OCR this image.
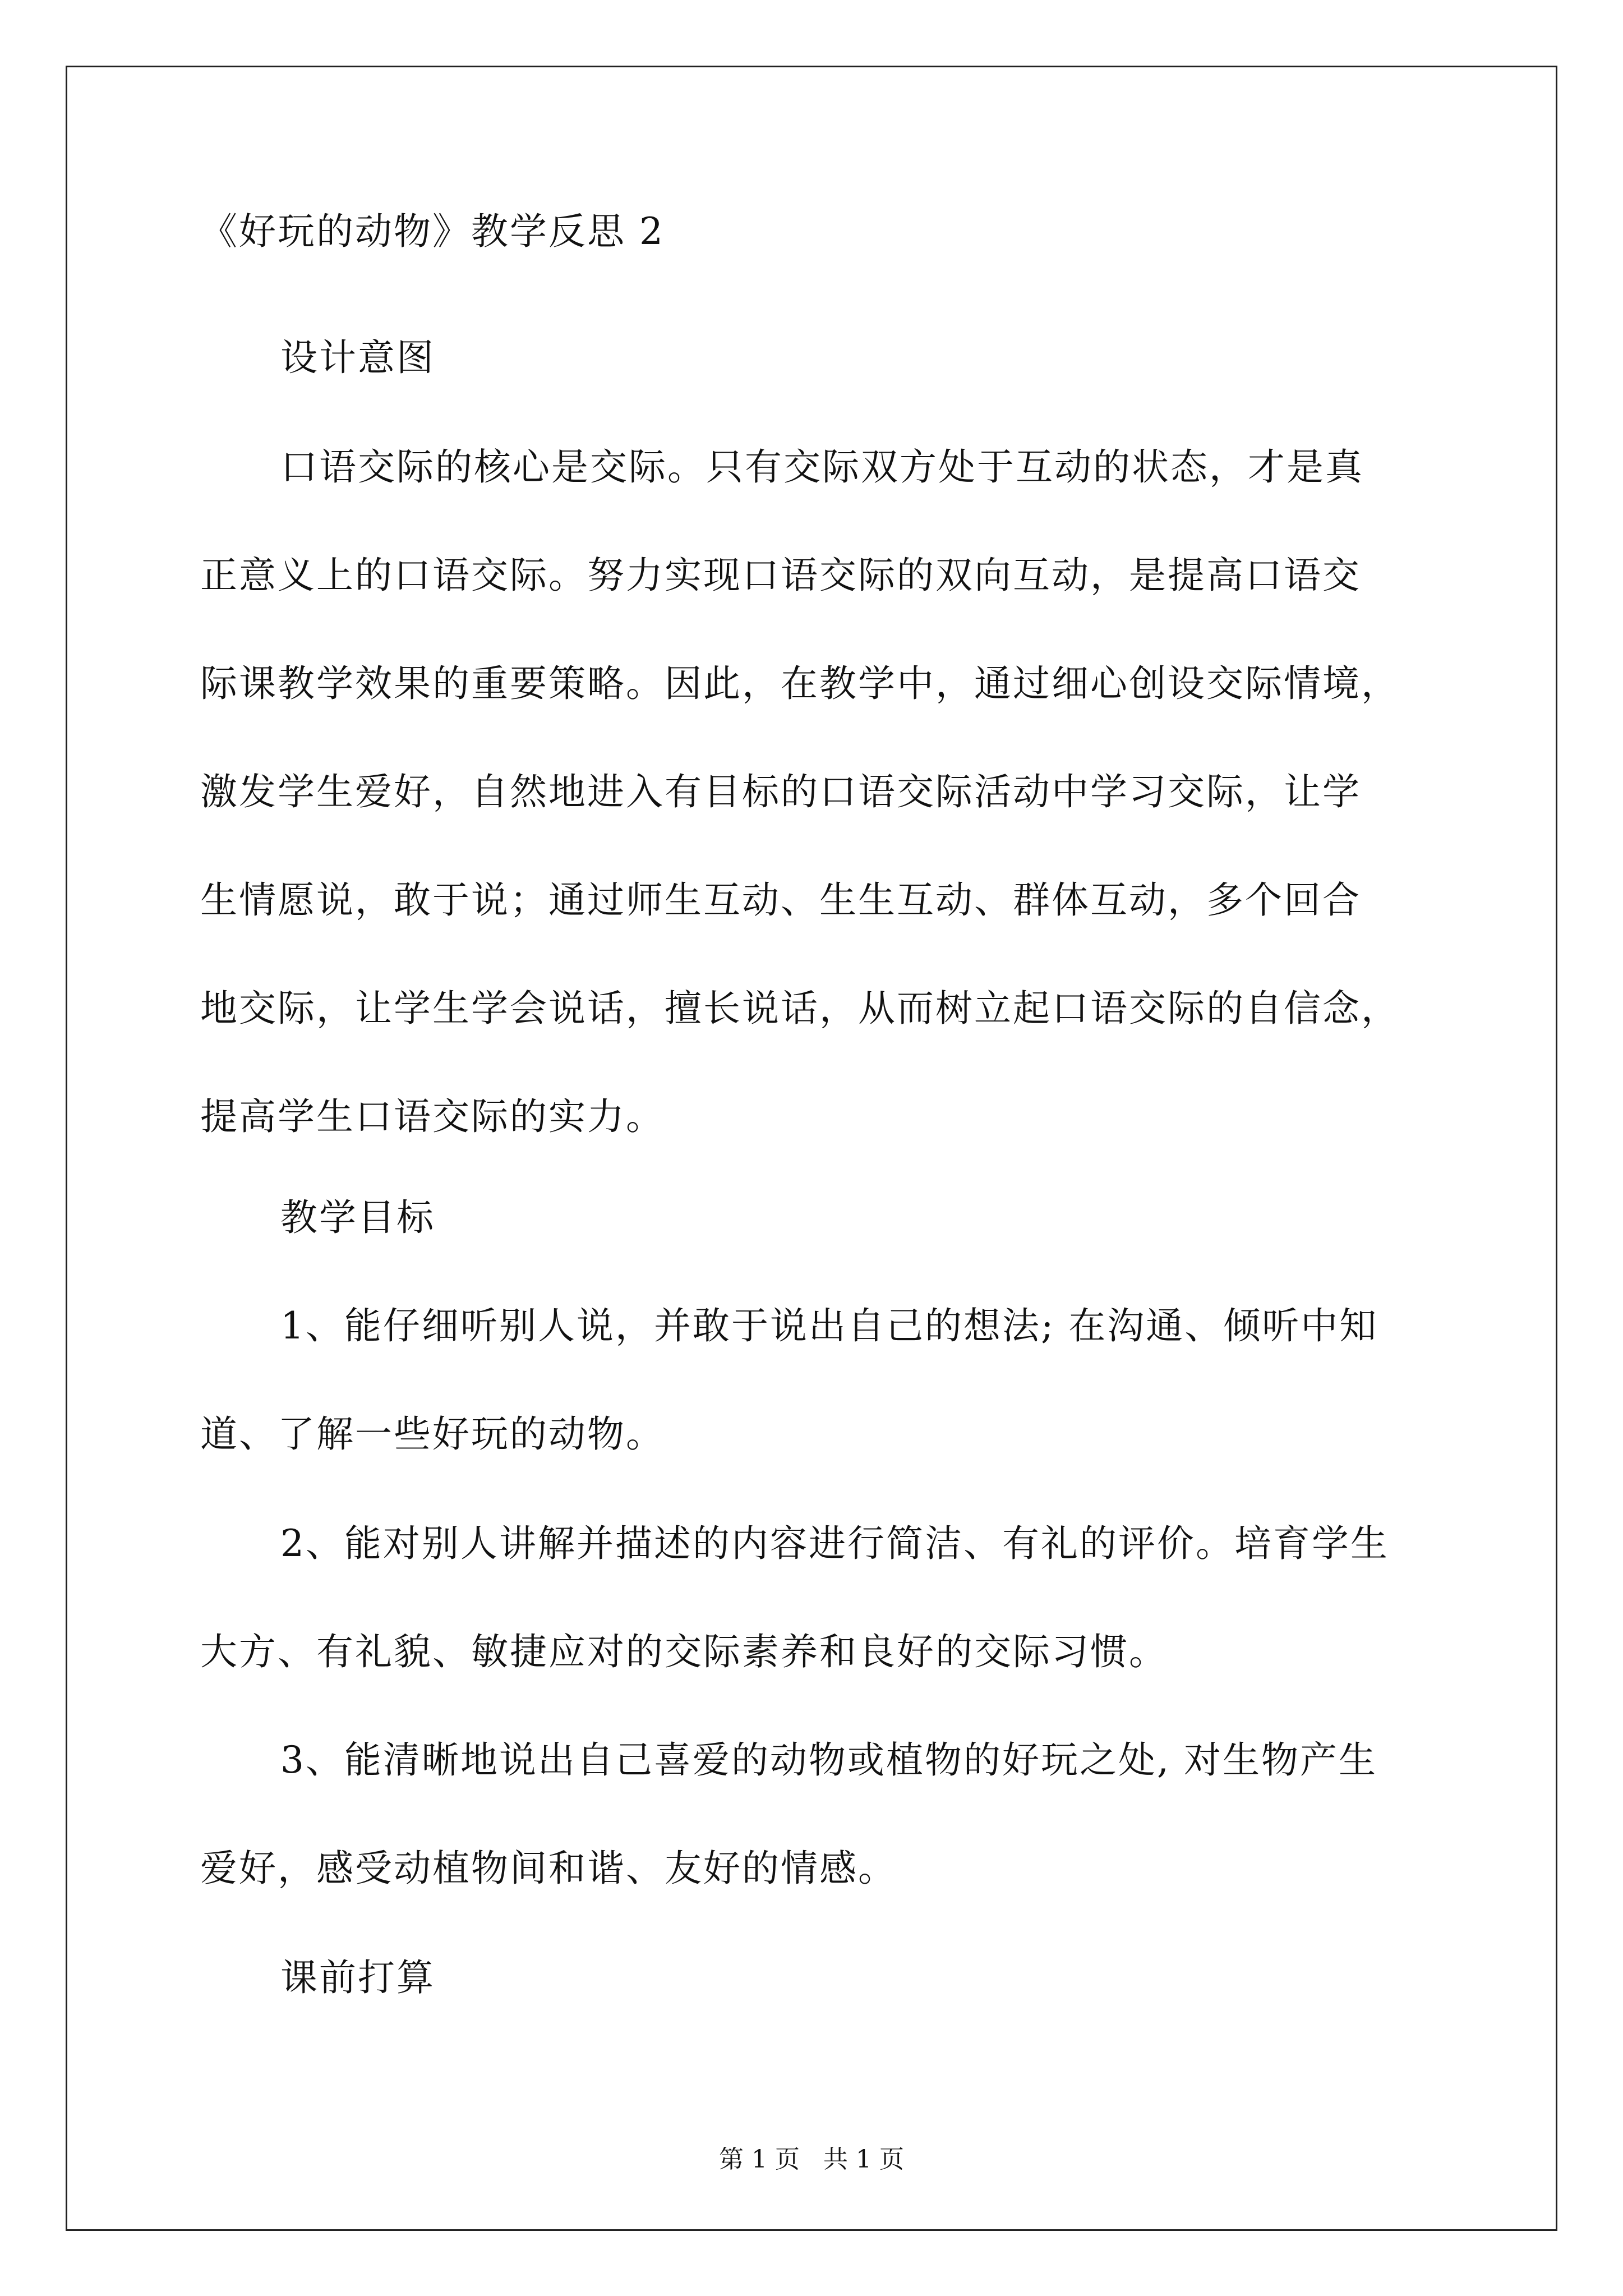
《好玩的动物》教学反思 2
设计意图
口语交际的核心是交际。只有交际双方处于互动的状态，才是真
正意义上的口语交际。努力实现口语交际的双向互动，是提高口语交
际课教学效果的重要策略。因此，在教学中，通过细心创设交际情境，
激发学生爱好，自然地进入有目标的口语交际活动中学习交际，让学
生情愿说，敢于说；通过师生互动、生生互动、群体互动，多个回合
地交际，让学生学会说话，擅长说话，从而树立起口语交际的自信念，
提高学生口语交际的实力。
教学目标
1、能仔细听别人说，并敢于说出自己的想法; 在沟通、倾听中知
道、了解一些好玩的动物。
2、能对别人讲解并描述的内容进行简洁、有礼的评价。培育学生
大方、有礼貌、敏捷应对的交际素养和良好的交际习惯。
3、能清晰地说出自己喜爱的动物或植物的好玩之处, 对生物产生
爱好，感受动植物间和谐、友好的情感。
课前打算
第 1 页   共 1 页
